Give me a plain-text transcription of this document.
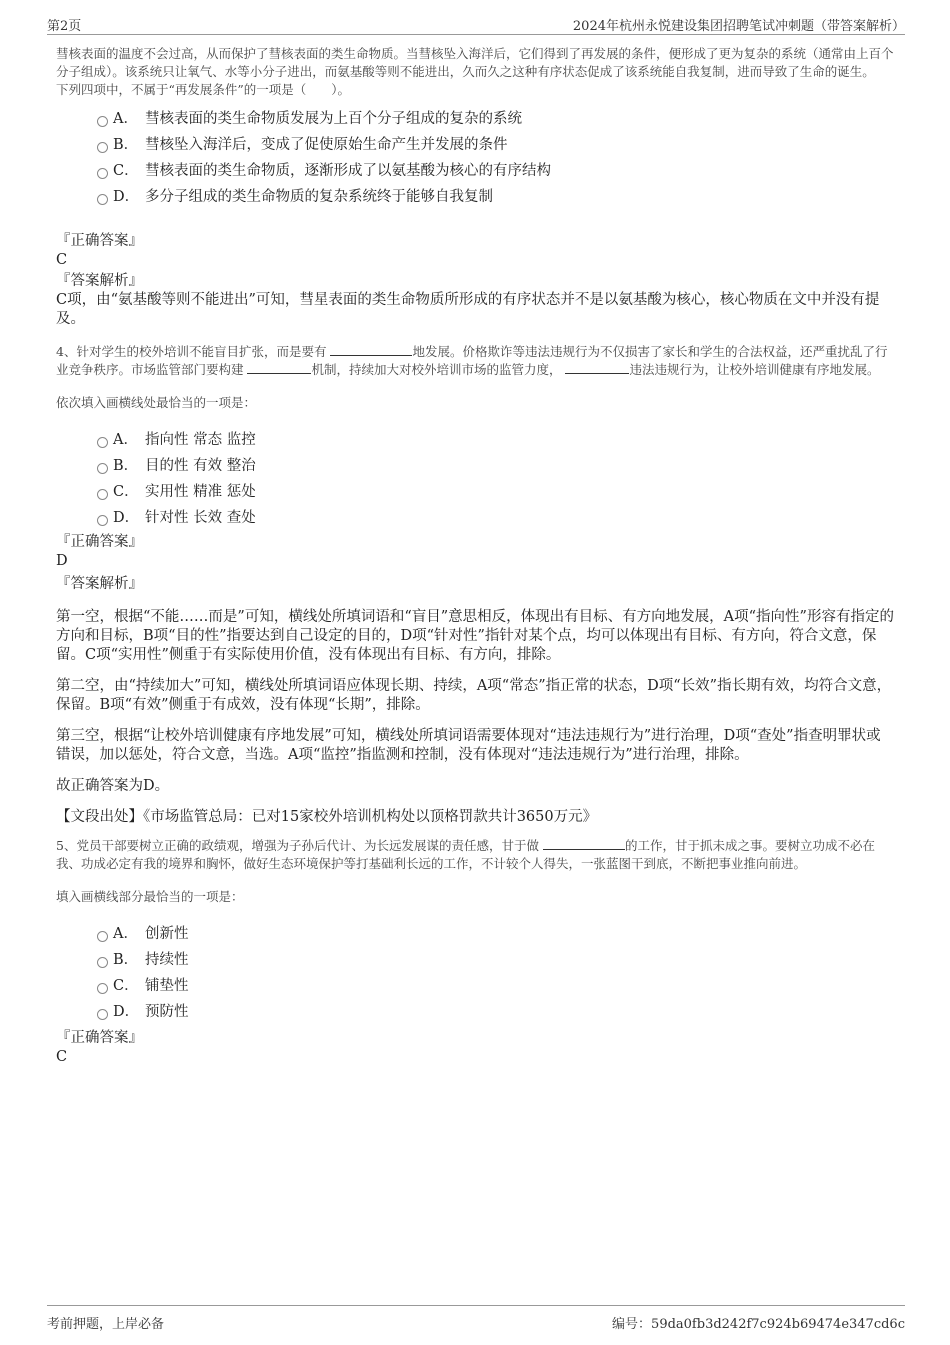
第2页	2024年杭州永悦建设集团招聘笔试冲刺题（带答案解析）

彗核表面的温度不会过高，从而保护了彗核表面的类生命物质。当彗核坠入海洋后，它们得到了再发展的条件，便形成了更为复杂的系统（通常由上百个分子组成）。该系统只让氧气、水等小分子进出，而氨基酸等则不能进出，久而久之这种有序状态促成了该系统能自我复制，进而导致了生命的诞生。

下列四项中，不属于“再发展条件”的一项是（　　）。

A． 彗核表面的类生命物质发展为上百个分子组成的复杂的系统
B． 彗核坠入海洋后，变成了促使原始生命产生并发展的条件
C． 彗核表面的类生命物质，逐渐形成了以氨基酸为核心的有序结构
D． 多分子组成的类生命物质的复杂系统终于能够自我复制

『正确答案』

C

『答案解析』

C项，由“氨基酸等则不能进出”可知，彗星表面的类生命物质所形成的有序状态并不是以氨基酸为核心，核心物质在文中并没有提及。

4、针对学生的校外培训不能盲目扩张，而是要有	地发展。价格欺诈等违法违规行为不仅损害了家长和学生的合法权益，还严重扰乱了行业竞争秩序。市场监管部门要构建	机制，持续加大对校外培训市场的监管力度，	违法违规行为，让校外培训健康有序地发展。

依次填入画横线处最恰当的一项是：

A． 指向性 常态 监控
B． 目的性 有效 整治
C． 实用性 精准 惩处
D． 针对性 长效 查处

『正确答案』

D

『答案解析』

第一空，根据“不能……而是”可知，横线处所填词语和“盲目”意思相反，体现出有目标、有方向地发展，A项“指向性”形容有指定的方向和目标，B项“目的性”指要达到自己设定的目的，D项“针对性”指针对某个点，均可以体现出有目标、有方向，符合文意，保留。C项“实用性”侧重于有实际使用价值，没有体现出有目标、有方向，排除。

第二空，由“持续加大”可知，横线处所填词语应体现长期、持续，A项“常态”指正常的状态，D项“长效”指长期有效，均符合文意，保留。B项“有效”侧重于有成效，没有体现“长期”，排除。

第三空，根据“让校外培训健康有序地发展”可知，横线处所填词语需要体现对“违法违规行为”进行治理，D项“查处”指查明罪状或错误，加以惩处，符合文意，当选。A项“监控”指监测和控制，没有体现对“违法违规行为”进行治理，排除。

故正确答案为D。

【文段出处】《市场监管总局：已对15家校外培训机构处以顶格罚款共计3650万元》

5、党员干部要树立正确的政绩观，增强为子孙后代计、为长远发展谋的责任感，甘于做	的工作，甘于抓未成之事。要树立功成不必在我、功成必定有我的境界和胸怀，做好生态环境保护等打基础利长远的工作，不计较个人得失，一张蓝图干到底，不断把事业推向前进。

填入画横线部分最恰当的一项是：

A． 创新性
B． 持续性
C． 铺垫性
D． 预防性

『正确答案』

C

考前押题，上岸必备	编号：59da0fb3d242f7c924b69474e347cd6c
